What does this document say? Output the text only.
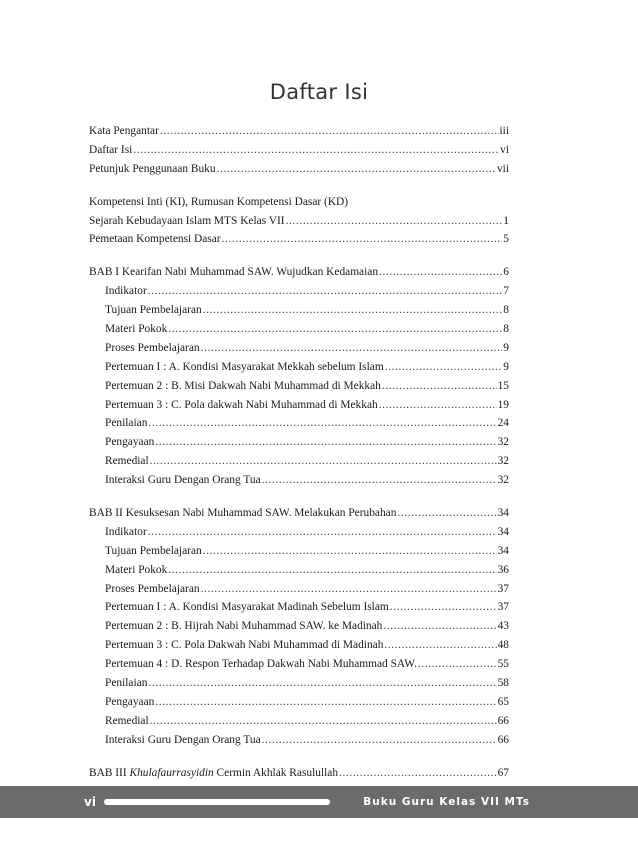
Daftar Isi
Kata Pengantar .....	iii
Daftar Isi .....	vi
Petunjuk Penggunaan Buku .....	vii
Kompetensi Inti (KI), Rumusan Kompetensi Dasar (KD)
Sejarah Kebudayaan Islam MTS Kelas VII .....	1
Pemetaan Kompetensi Dasar .....	5
BAB I Kearifan Nabi Muhammad SAW. Wujudkan Kedamaian .....	6
Indikator .....	7
Tujuan Pembelajaran .....	8
Materi Pokok .....	8
Proses Pembelajaran .....	9
Pertemuan I : A. Kondisi Masyarakat Mekkah sebelum Islam .....	9
Pertemuan 2 : B. Misi Dakwah Nabi Muhammad di Mekkah .....	15
Pertemuan 3 : C. Pola dakwah Nabi Muhammad di Mekkah .....	19
Penilaian .....	24
Pengayaan .....	32
Remedial .....	32
Interaksi Guru Dengan Orang Tua .....	32
BAB II Kesuksesan Nabi Muhammad SAW. Melakukan Perubahan .....	34
Indikator .....	34
Tujuan Pembelajaran .....	34
Materi Pokok .....	36
Proses Pembelajaran .....	37
Pertemuan I : A. Kondisi Masyarakat Madinah Sebelum Islam .....	37
Pertemuan 2 : B. Hijrah Nabi Muhammad SAW. ke Madinah .....	43
Pertemuan 3 : C. Pola Dakwah Nabi Muhammad di Madinah .....	48
Pertemuan 4 : D. Respon Terhadap Dakwah Nabi Muhammad SAW. .....	55
Penilaian .....	58
Pengayaan .....	65
Remedial .....	66
Interaksi Guru Dengan Orang Tua .....	66
BAB III Khulafaurrasyidin Cermin Akhlak Rasulullah .....	67
vi	Buku Guru Kelas VII MTs
